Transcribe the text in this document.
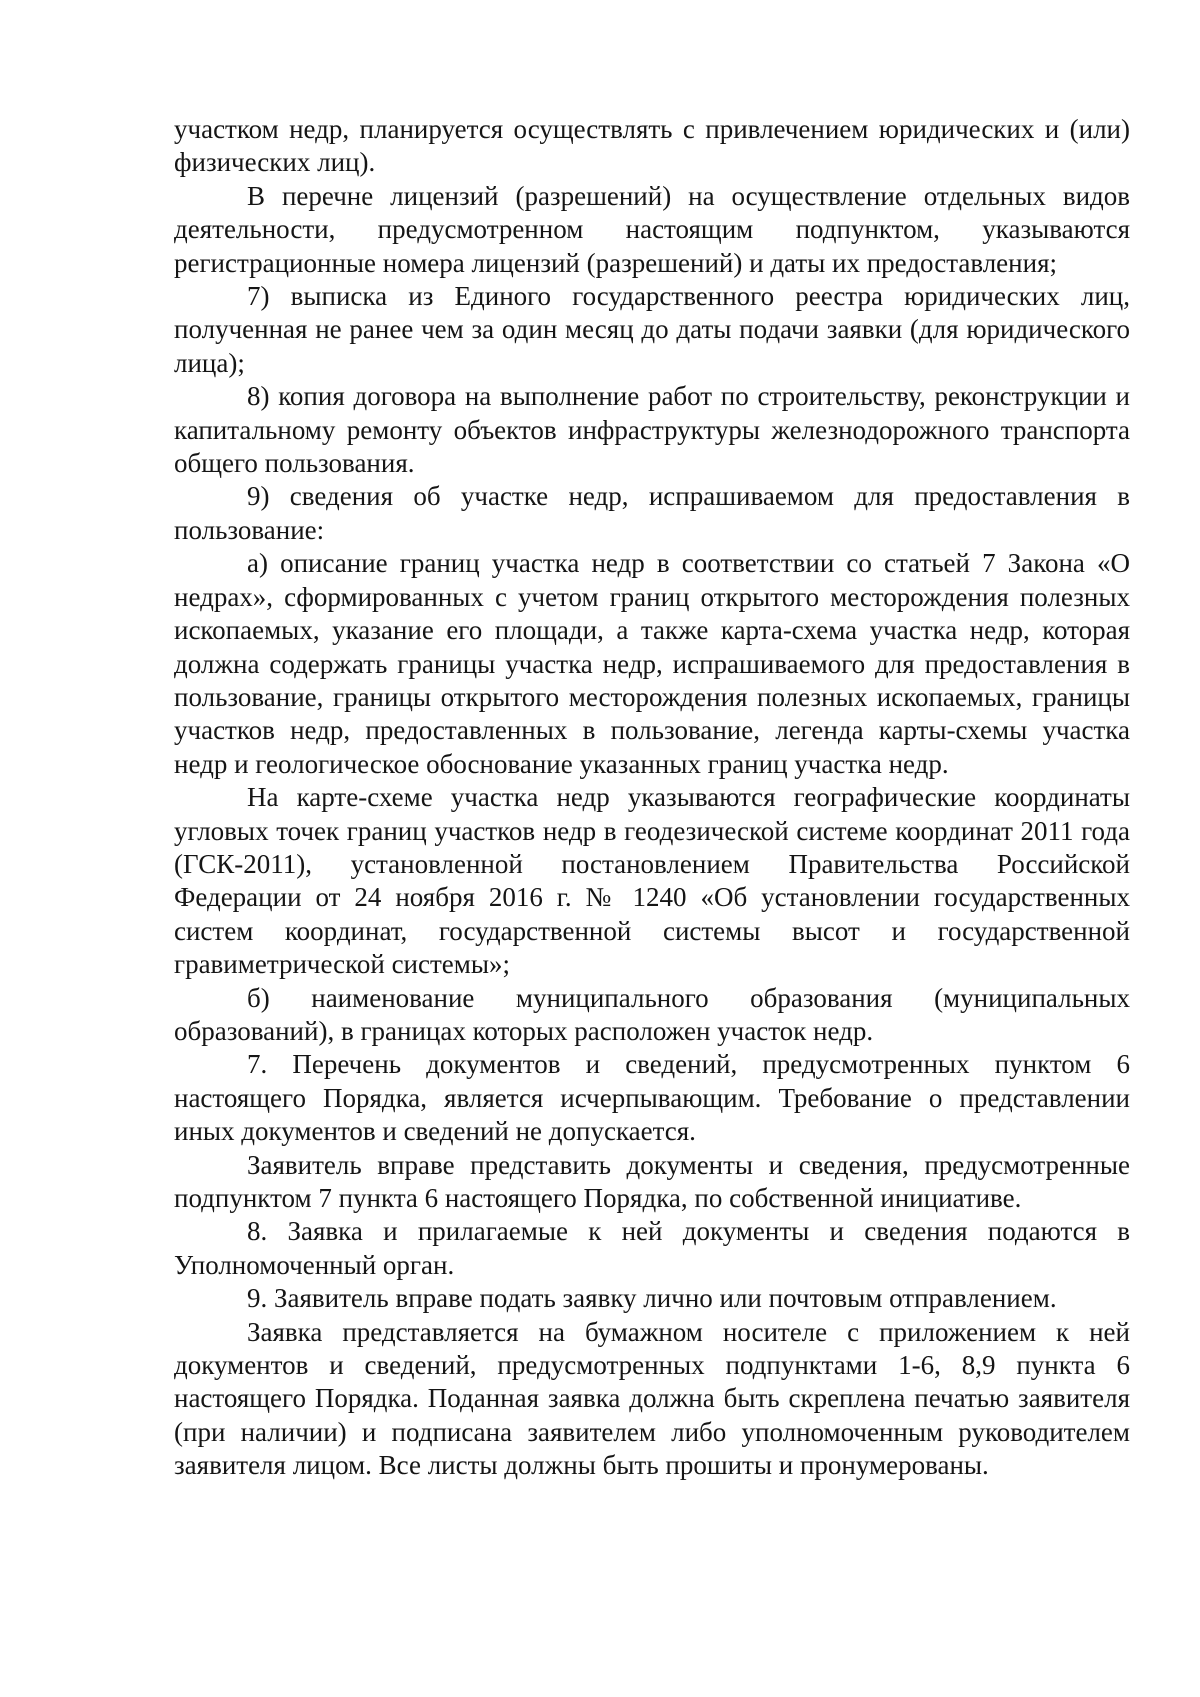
участком недр, планируется осуществлять с привлечением юридических и (или) физических лиц).

В перечне лицензий (разрешений) на осуществление отдельных видов деятельности, предусмотренном настоящим подпунктом, указываются регистрационные номера лицензий (разрешений) и даты их предоставления;

7) выписка из Единого государственного реестра юридических лиц, полученная не ранее чем за один месяц до даты подачи заявки (для юридического лица);

8) копия договора на выполнение работ по строительству, реконструкции и капитальному ремонту объектов инфраструктуры железнодорожного транспорта общего пользования.

9) сведения об участке недр, испрашиваемом для предоставления в пользование:

а) описание границ участка недр в соответствии со статьей 7 Закона «О недрах», сформированных с учетом границ открытого месторождения полезных ископаемых, указание его площади, а также карта-схема участка недр, которая должна содержать границы участка недр, испрашиваемого для предоставления в пользование, границы открытого месторождения полезных ископаемых, границы участков недр, предоставленных в пользование, легенда карты-схемы участка недр и геологическое обоснование указанных границ участка недр.

На карте-схеме участка недр указываются географические координаты угловых точек границ участков недр в геодезической системе координат 2011 года (ГСК-2011), установленной постановлением Правительства Российской Федерации от 24 ноября 2016 г. № 1240 «Об установлении государственных систем координат, государственной системы высот и государственной гравиметрической системы»;

б) наименование муниципального образования (муниципальных образований), в границах которых расположен участок недр.

7. Перечень документов и сведений, предусмотренных пунктом 6 настоящего Порядка, является исчерпывающим. Требование о представлении иных документов и сведений не допускается.

Заявитель вправе представить документы и сведения, предусмотренные подпунктом 7 пункта 6 настоящего Порядка, по собственной инициативе.

8. Заявка и прилагаемые к ней документы и сведения подаются в Уполномоченный орган.

9. Заявитель вправе подать заявку лично или почтовым отправлением.

Заявка представляется на бумажном носителе с приложением к ней документов и сведений, предусмотренных подпунктами 1-6, 8,9 пункта 6 настоящего Порядка. Поданная заявка должна быть скреплена печатью заявителя (при наличии) и подписана заявителем либо уполномоченным руководителем заявителя лицом. Все листы должны быть прошиты и пронумерованы.
